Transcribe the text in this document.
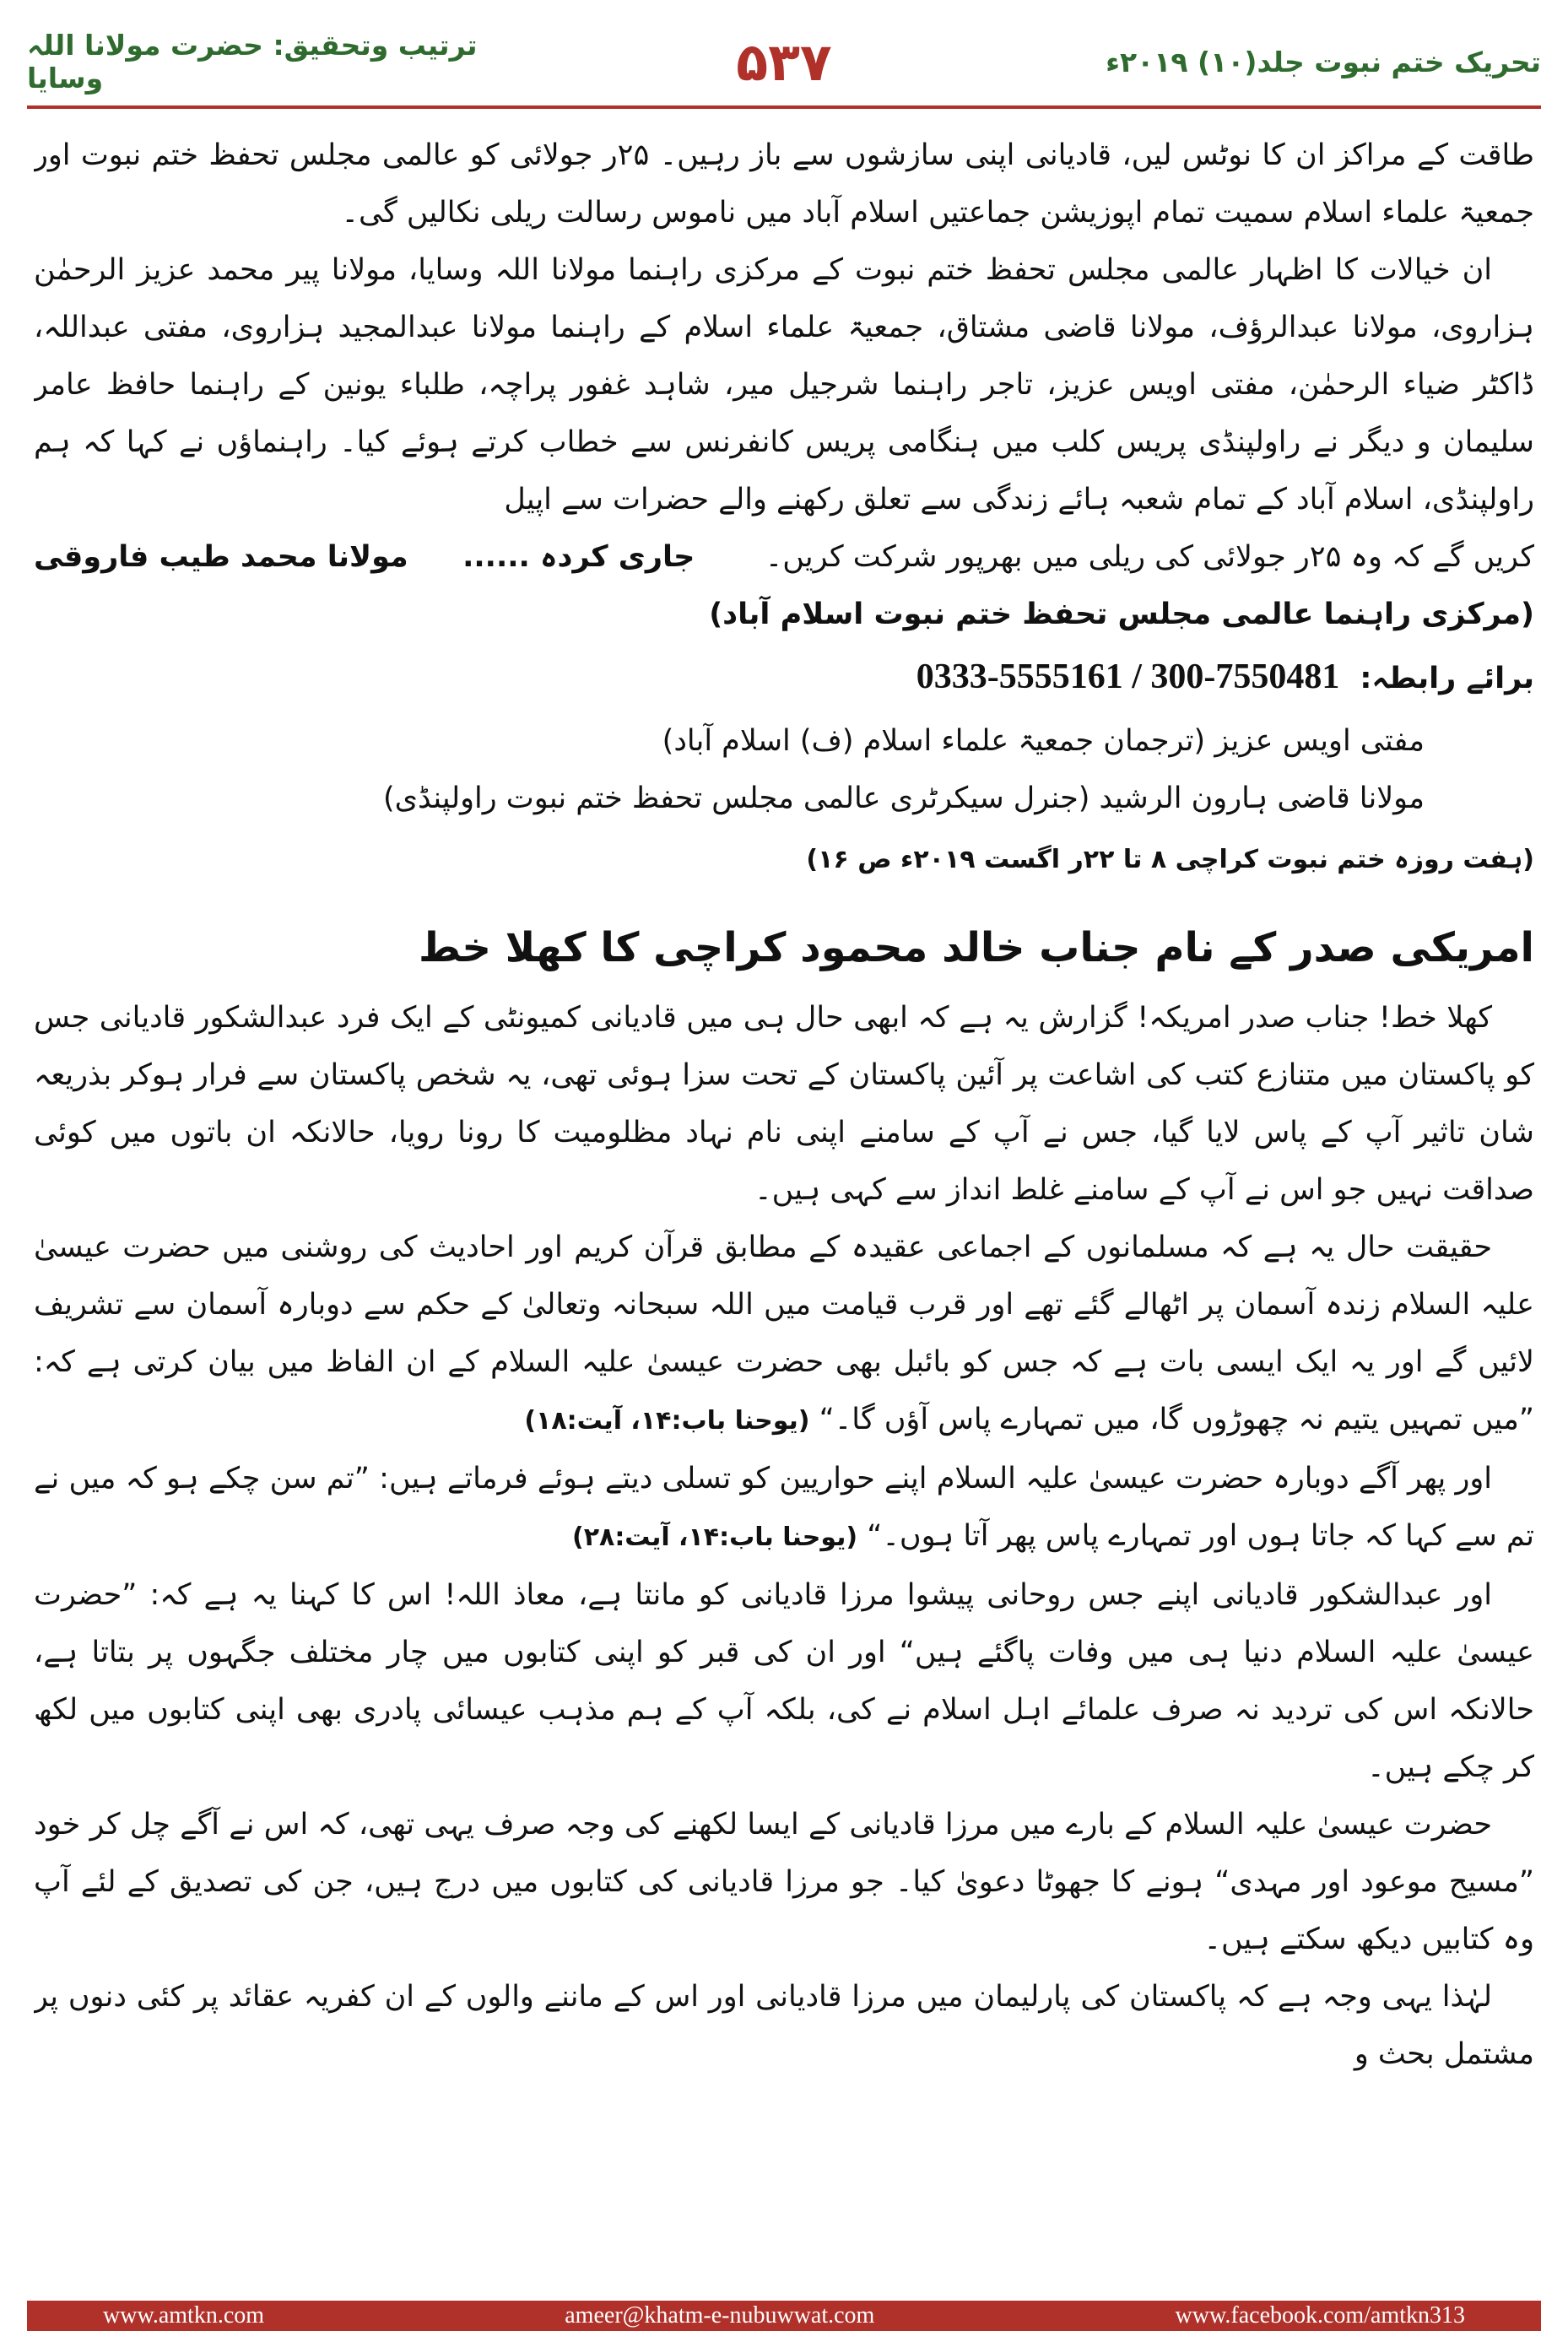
تحریک ختم نبوت جلد(۱۰) ۲۰۱۹ء
۵۳۷
ترتیب وتحقیق: حضرت مولانا اللہ وسایا

طاقت کے مراکز ان کا نوٹس لیں، قادیانی اپنی سازشوں سے باز رہیں۔ ۲۵ر جولائی کو عالمی مجلس تحفظ ختم نبوت اور جمعیۃ علماء اسلام سمیت تمام اپوزیشن جماعتیں اسلام آباد میں ناموس رسالت ریلی نکالیں گی۔

ان خیالات کا اظہار عالمی مجلس تحفظ ختم نبوت کے مرکزی راہنما مولانا اللہ وسایا، مولانا پیر محمد عزیز الرحمٰن ہزاروی، مولانا عبدالرؤف، مولانا قاضی مشتاق، جمعیۃ علماء اسلام کے راہنما مولانا عبدالمجید ہزاروی، مفتی عبداللہ، ڈاکٹر ضیاء الرحمٰن، مفتی اویس عزیز، تاجر راہنما شرجیل میر، شاہد غفور پراچہ، طلباء یونین کے راہنما حافظ عامر سلیمان و دیگر نے راولپنڈی پریس کلب میں ہنگامی پریس کانفرنس سے خطاب کرتے ہوئے کیا۔ راہنماؤں نے کہا کہ ہم راولپنڈی، اسلام آباد کے تمام شعبہ ہائے زندگی سے تعلق رکھنے والے حضرات سے اپیل

کریں گے کہ وہ ۲۵ر جولائی کی ریلی میں بھرپور شرکت کریں۔
جاری کردہ ......  مولانا محمد طیب فاروقی

(مرکزی راہنما عالمی مجلس تحفظ ختم نبوت اسلام آباد)

برائے رابطہ:
0333-5555161 / 300-7550481

مفتی اویس عزیز (ترجمان جمعیۃ علماء اسلام (ف) اسلام آباد)

مولانا قاضی ہارون الرشید (جنرل سیکرٹری عالمی مجلس تحفظ ختم نبوت راولپنڈی)

(ہفت روزہ ختم نبوت کراچی ۸ تا ۲۲ر اگست ۲۰۱۹ء ص ۱۶)

امریکی صدر کے نام جناب خالد محمود کراچی کا کھلا خط

کھلا خط! جناب صدر امریکہ! گزارش یہ ہے کہ ابھی حال ہی میں قادیانی کمیونٹی کے ایک فرد عبدالشکور قادیانی جس کو پاکستان میں متنازع کتب کی اشاعت پر آئین پاکستان کے تحت سزا ہوئی تھی، یہ شخص پاکستان سے فرار ہوکر بذریعہ شان تاثیر آپ کے پاس لایا گیا، جس نے آپ کے سامنے اپنی نام نہاد مظلومیت کا رونا رویا، حالانکہ ان باتوں میں کوئی صداقت نہیں جو اس نے آپ کے سامنے غلط انداز سے کہی ہیں۔

حقیقت حال یہ ہے کہ مسلمانوں کے اجماعی عقیدہ کے مطابق قرآن کریم اور احادیث کی روشنی میں حضرت عیسیٰ علیہ السلام زندہ آسمان پر اٹھالے گئے تھے اور قرب قیامت میں اللہ سبحانہ وتعالیٰ کے حکم سے دوبارہ آسمان سے تشریف لائیں گے اور یہ ایک ایسی بات ہے کہ جس کو بائبل بھی حضرت عیسیٰ علیہ السلام کے ان الفاظ میں بیان کرتی ہے کہ: ”میں تمہیں یتیم نہ چھوڑوں گا، میں تمہارے پاس آؤں گا۔“ (یوحنا باب:۱۴، آیت:۱۸)

اور پھر آگے دوبارہ حضرت عیسیٰ علیہ السلام اپنے حواریین کو تسلی دیتے ہوئے فرماتے ہیں: ”تم سن چکے ہو کہ میں نے تم سے کہا کہ جاتا ہوں اور تمہارے پاس پھر آتا ہوں۔“ (یوحنا باب:۱۴، آیت:۲۸)

اور عبدالشکور قادیانی اپنے جس روحانی پیشوا مرزا قادیانی کو مانتا ہے، معاذ اللہ! اس کا کہنا یہ ہے کہ: ”حضرت عیسیٰ علیہ السلام دنیا ہی میں وفات پاگئے ہیں“ اور ان کی قبر کو اپنی کتابوں میں چار مختلف جگہوں پر بتاتا ہے، حالانکہ اس کی تردید نہ صرف علمائے اہل اسلام نے کی، بلکہ آپ کے ہم مذہب عیسائی پادری بھی اپنی کتابوں میں لکھ کر چکے ہیں۔

حضرت عیسیٰ علیہ السلام کے بارے میں مرزا قادیانی کے ایسا لکھنے کی وجہ صرف یہی تھی، کہ اس نے آگے چل کر خود ”مسیح موعود اور مہدی“ ہونے کا جھوٹا دعویٰ کیا۔ جو مرزا قادیانی کی کتابوں میں درج ہیں، جن کی تصدیق کے لئے آپ وہ کتابیں دیکھ سکتے ہیں۔

لہٰذا یہی وجہ ہے کہ پاکستان کی پارلیمان میں مرزا قادیانی اور اس کے ماننے والوں کے ان کفریہ عقائد پر کئی دنوں پر مشتمل بحث و

www.amtkn.com	ameer@khatm-e-nubuwwat.com	www.facebook.com/amtkn313
